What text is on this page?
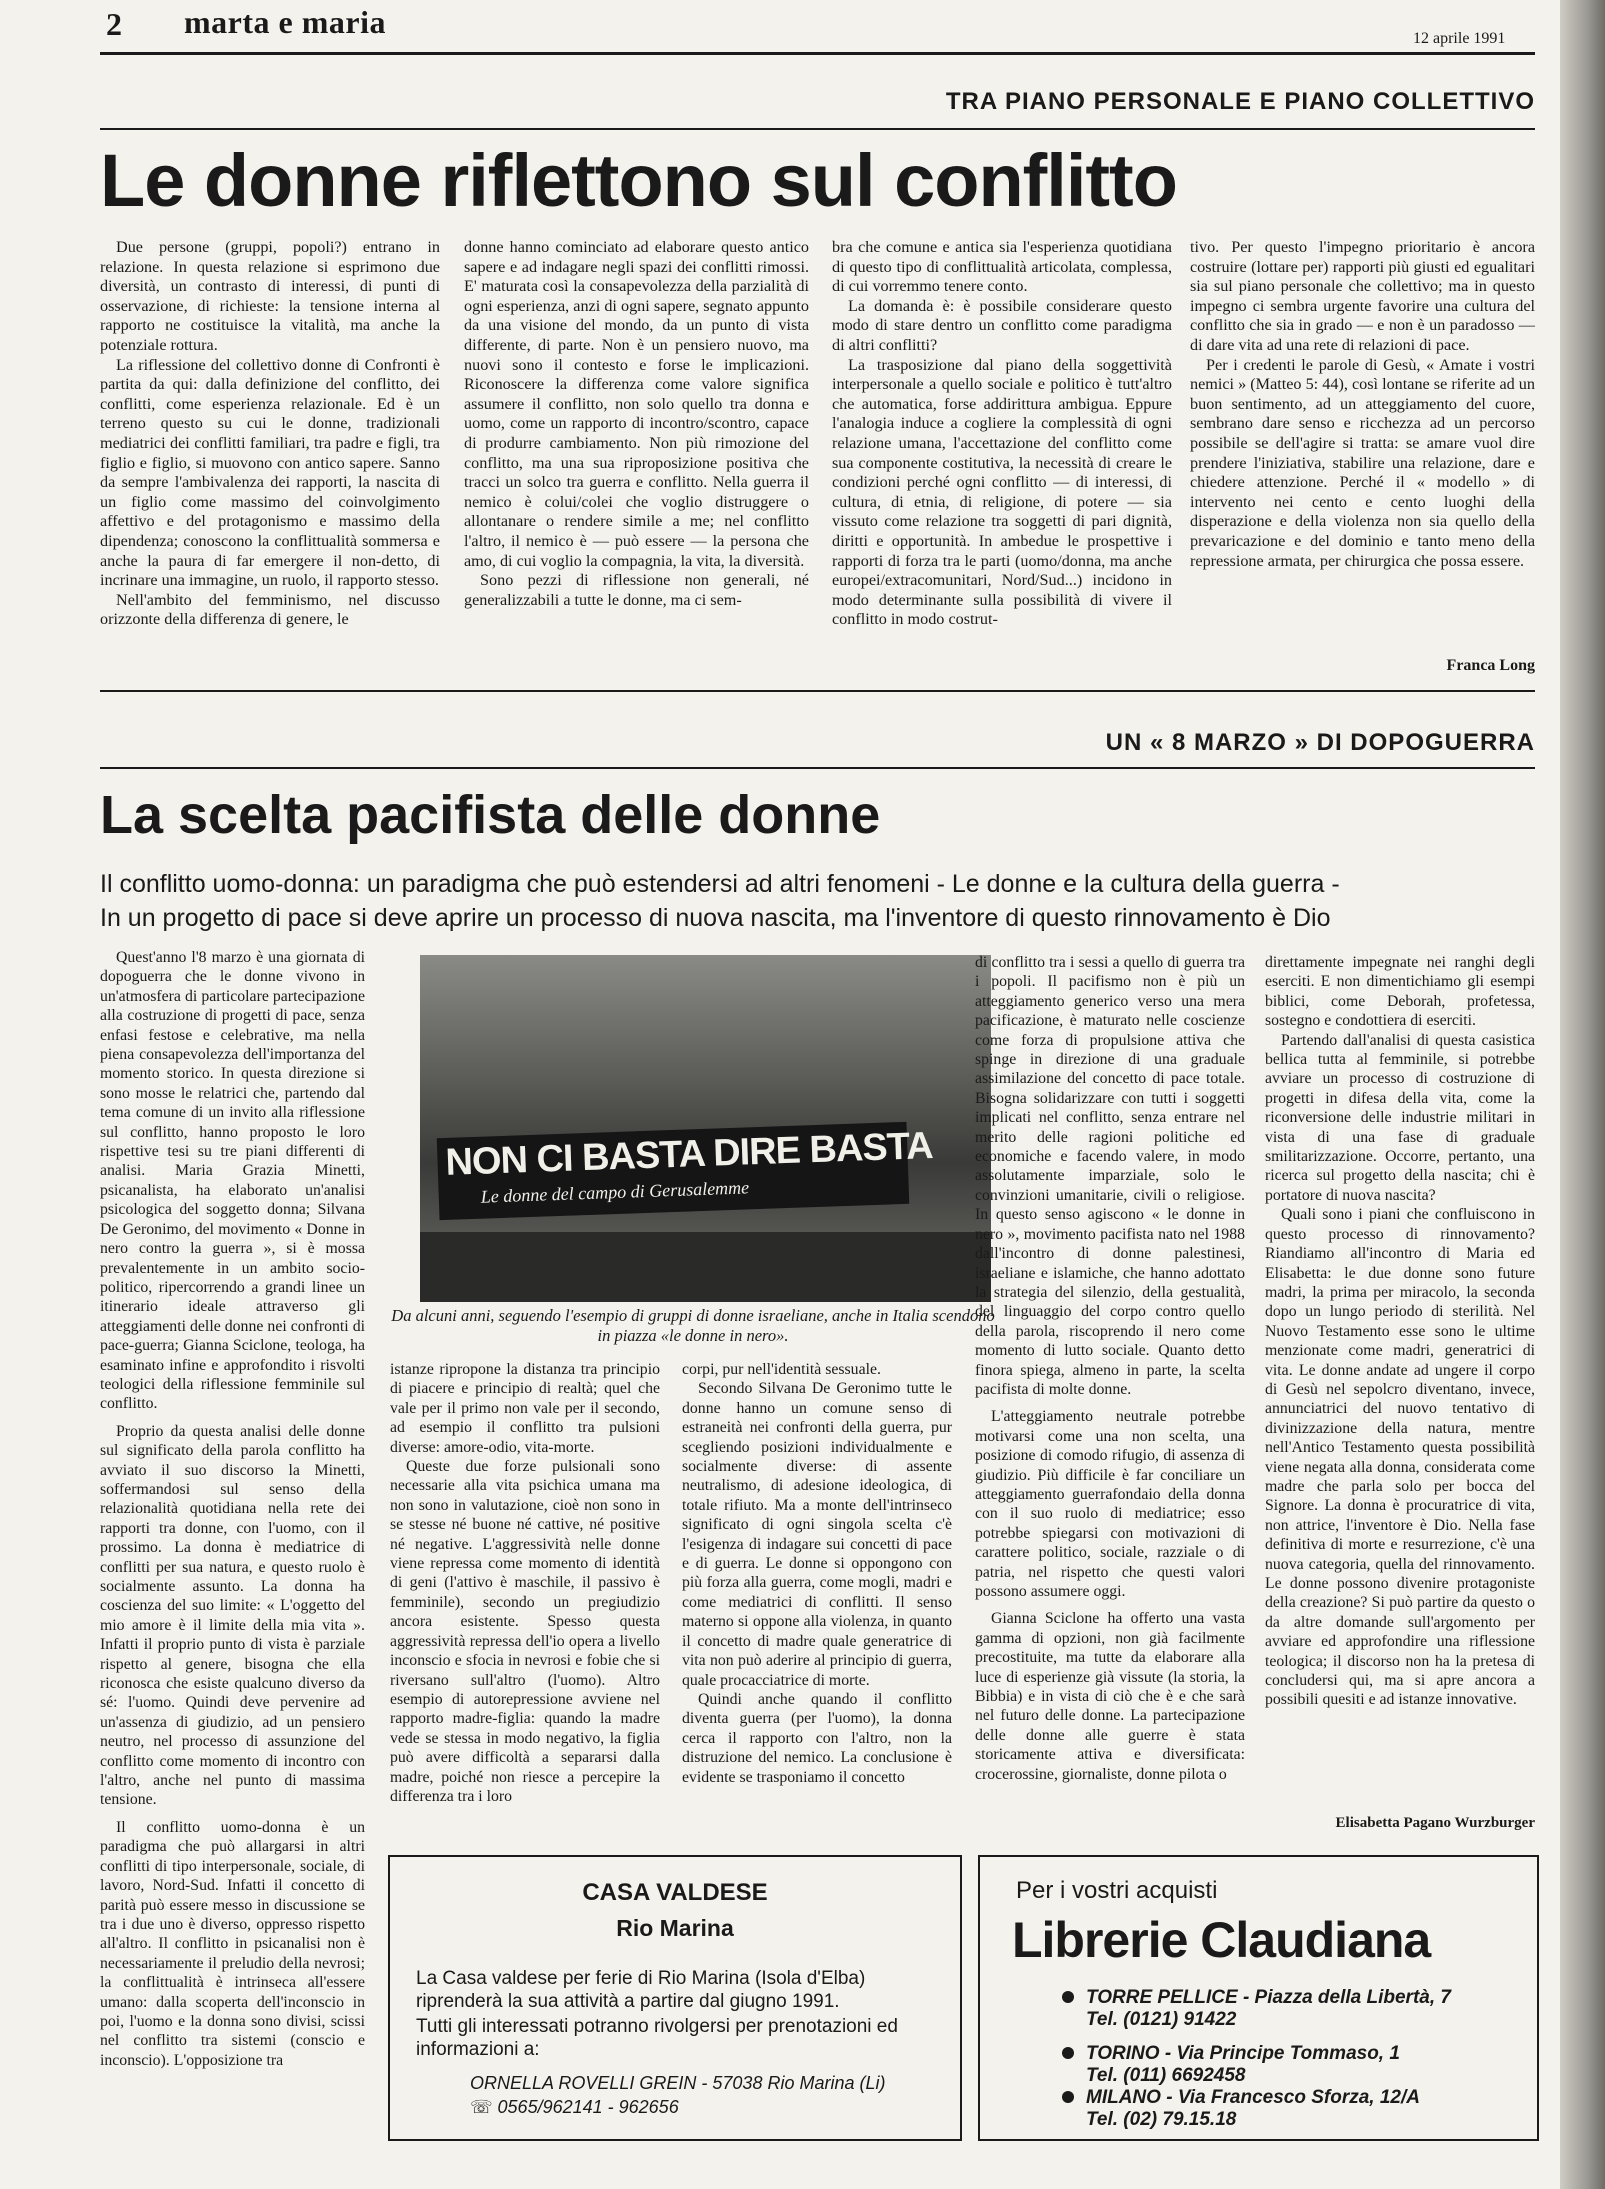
2 marta e maria	12 aprile 1991
TRA PIANO PERSONALE E PIANO COLLETTIVO
Le donne riflettono sul conflitto

Due persone (gruppi, popoli?) entrano in relazione. In questa relazione si esprimono due diversità, un contrasto di interessi, di punti di osservazione, di richieste: la tensione interna al rapporto ne costituisce la vitalità, ma anche la potenziale rottura.

La riflessione del collettivo donne di Confronti è partita da qui: dalla definizione del conflitto, dei conflitti, come esperienza relazionale. Ed è un terreno questo su cui le donne, tradizionali mediatrici dei conflitti familiari, tra padre e figli, tra figlio e figlio, si muovono con antico sapere. Sanno da sempre l'ambivalenza dei rapporti, la nascita di un figlio come massimo del coinvolgimento affettivo e del protagonismo e massimo della dipendenza; conoscono la conflittualità sommersa e anche la paura di far emergere il non-detto, di incrinare una immagine, un ruolo, il rapporto stesso.

Nell'ambito del femminismo, nel discusso orizzonte della differenza di genere, le

donne hanno cominciato ad elaborare questo antico sapere e ad indagare negli spazi dei conflitti rimossi. E' maturata così la consapevolezza della parzialità di ogni esperienza, anzi di ogni sapere, segnato appunto da una visione del mondo, da un punto di vista differente, di parte. Non è un pensiero nuovo, ma nuovi sono il contesto e forse le implicazioni. Riconoscere la differenza come valore significa assumere il conflitto, non solo quello tra donna e uomo, come un rapporto di incontro/scontro, capace di produrre cambiamento. Non più rimozione del conflitto, ma una sua riproposizione positiva che tracci un solco tra guerra e conflitto. Nella guerra il nemico è colui/colei che voglio distruggere o allontanare o rendere simile a me; nel conflitto l'altro, il nemico è — può essere — la persona che amo, di cui voglio la compagnia, la vita, la diversità.

Sono pezzi di riflessione non generali, né generalizzabili a tutte le donne, ma ci sem-

bra che comune e antica sia l'esperienza quotidiana di questo tipo di conflittualità articolata, complessa, di cui vorremmo tenere conto.

La domanda è: è possibile considerare questo modo di stare dentro un conflitto come paradigma di altri conflitti?

La trasposizione dal piano della soggettività interpersonale a quello sociale e politico è tutt'altro che automatica, forse addirittura ambigua. Eppure l'analogia induce a cogliere la complessità di ogni relazione umana, l'accettazione del conflitto come sua componente costitutiva, la necessità di creare le condizioni perché ogni conflitto — di interessi, di cultura, di etnia, di religione, di potere — sia vissuto come relazione tra soggetti di pari dignità, diritti e opportunità. In ambedue le prospettive i rapporti di forza tra le parti (uomo/donna, ma anche europei/extracomunitari, Nord/Sud...) incidono in modo determinante sulla possibilità di vivere il conflitto in modo costrut-

tivo. Per questo l'impegno prioritario è ancora costruire (lottare per) rapporti più giusti ed egualitari sia sul piano personale che collettivo; ma in questo impegno ci sembra urgente favorire una cultura del conflitto che sia in grado — e non è un paradosso — di dare vita ad una rete di relazioni di pace.

Per i credenti le parole di Gesù, « Amate i vostri nemici » (Matteo 5: 44), così lontane se riferite ad un buon sentimento, ad un atteggiamento del cuore, sembrano dare senso e ricchezza ad un percorso possibile se dell'agire si tratta: se amare vuol dire prendere l'iniziativa, stabilire una relazione, dare e chiedere attenzione. Perché il « modello » di intervento nei cento e cento luoghi della disperazione e della violenza non sia quello della prevaricazione e del dominio e tanto meno della repressione armata, per chirurgica che possa essere.

Franca Long
UN « 8 MARZO » DI DOPOGUERRA
La scelta pacifista delle donne
Il conflitto uomo-donna: un paradigma che può estendersi ad altri fenomeni - Le donne e la cultura della guerra -
In un progetto di pace si deve aprire un processo di nuova nascita, ma l'inventore di questo rinnovamento è Dio
NON CI BASTA DIRE BASTA
Le donne del campo di Gerusalemme
Da alcuni anni, seguendo l'esempio di gruppi di donne israeliane, anche in Italia scendono in piazza «le donne in nero».

Quest'anno l'8 marzo è una giornata di dopoguerra che le donne vivono in un'atmosfera di particolare partecipazione alla costruzione di progetti di pace, senza enfasi festose e celebrative, ma nella piena consapevolezza dell'importanza del momento storico. In questa direzione si sono mosse le relatrici che, partendo dal tema comune di un invito alla riflessione sul conflitto, hanno proposto le loro rispettive tesi su tre piani differenti di analisi. Maria Grazia Minetti, psicanalista, ha elaborato un'analisi psicologica del soggetto donna; Silvana De Geronimo, del movimento « Donne in nero contro la guerra », si è mossa prevalentemente in un ambito socio-politico, ripercorrendo a grandi linee un itinerario ideale attraverso gli atteggiamenti delle donne nei confronti di pace-guerra; Gianna Sciclone, teologa, ha esaminato infine e approfondito i risvolti teologici della riflessione femminile sul conflitto.

Proprio da questa analisi delle donne sul significato della parola conflitto ha avviato il suo discorso la Minetti, soffermandosi sul senso della relazionalità quotidiana nella rete dei rapporti tra donne, con l'uomo, con il prossimo. La donna è mediatrice di conflitti per sua natura, e questo ruolo è socialmente assunto. La donna ha coscienza del suo limite: « L'oggetto del mio amore è il limite della mia vita ». Infatti il proprio punto di vista è parziale rispetto al genere, bisogna che ella riconosca che esiste qualcuno diverso da sé: l'uomo. Quindi deve pervenire ad un'assenza di giudizio, ad un pensiero neutro, nel processo di assunzione del conflitto come momento di incontro con l'altro, anche nel punto di massima tensione.

Il conflitto uomo-donna è un paradigma che può allargarsi in altri conflitti di tipo interpersonale, sociale, di lavoro, Nord-Sud. Infatti il concetto di parità può essere messo in discussione se tra i due uno è diverso, oppresso rispetto all'altro. Il conflitto in psicanalisi non è necessariamente il preludio della nevrosi; la conflittualità è intrinseca all'essere umano: dalla scoperta dell'inconscio in poi, l'uomo e la donna sono divisi, scissi nel conflitto tra sistemi (conscio e inconscio). L'opposizione tra

istanze ripropone la distanza tra principio di piacere e principio di realtà; quel che vale per il primo non vale per il secondo, ad esempio il conflitto tra pulsioni diverse: amore-odio, vita-morte.

Queste due forze pulsionali sono necessarie alla vita psichica umana ma non sono in valutazione, cioè non sono in se stesse né buone né cattive, né positive né negative. L'aggressività nelle donne viene repressa come momento di identità di geni (l'attivo è maschile, il passivo è femminile), secondo un pregiudizio ancora esistente. Spesso questa aggressività repressa dell'io opera a livello inconscio e sfocia in nevrosi e fobie che si riversano sull'altro (l'uomo). Altro esempio di autorepressione avviene nel rapporto madre-figlia: quando la madre vede se stessa in modo negativo, la figlia può avere difficoltà a separarsi dalla madre, poiché non riesce a percepire la differenza tra i loro

corpi, pur nell'identità sessuale.

Secondo Silvana De Geronimo tutte le donne hanno un comune senso di estraneità nei confronti della guerra, pur scegliendo posizioni individualmente e socialmente diverse: di assente neutralismo, di adesione ideologica, di totale rifiuto. Ma a monte dell'intrinseco significato di ogni singola scelta c'è l'esigenza di indagare sui concetti di pace e di guerra. Le donne si oppongono con più forza alla guerra, come mogli, madri e come mediatrici di conflitti. Il senso materno si oppone alla violenza, in quanto il concetto di madre quale generatrice di vita non può aderire al principio di guerra, quale procacciatrice di morte.

Quindi anche quando il conflitto diventa guerra (per l'uomo), la donna cerca il rapporto con l'altro, non la distruzione del nemico. La conclusione è evidente se trasponiamo il concetto

di conflitto tra i sessi a quello di guerra tra i popoli. Il pacifismo non è più un atteggiamento generico verso una mera pacificazione, è maturato nelle coscienze come forza di propulsione attiva che spinge in direzione di una graduale assimilazione del concetto di pace totale. Bisogna solidarizzare con tutti i soggetti implicati nel conflitto, senza entrare nel merito delle ragioni politiche ed economiche e facendo valere, in modo assolutamente imparziale, solo le convinzioni umanitarie, civili o religiose. In questo senso agiscono « le donne in nero », movimento pacifista nato nel 1988 dall'incontro di donne palestinesi, israeliane e islamiche, che hanno adottato la strategia del silenzio, della gestualità, del linguaggio del corpo contro quello della parola, riscoprendo il nero come momento di lutto sociale. Quanto detto finora spiega, almeno in parte, la scelta pacifista di molte donne.

L'atteggiamento neutrale potrebbe motivarsi come una non scelta, una posizione di comodo rifugio, di assenza di giudizio. Più difficile è far conciliare un atteggiamento guerrafondaio della donna con il suo ruolo di mediatrice; esso potrebbe spiegarsi con motivazioni di carattere politico, sociale, razziale o di patria, nel rispetto che questi valori possono assumere oggi.

Gianna Sciclone ha offerto una vasta gamma di opzioni, non già facilmente precostituite, ma tutte da elaborare alla luce di esperienze già vissute (la storia, la Bibbia) e in vista di ciò che è e che sarà nel futuro delle donne. La partecipazione delle donne alle guerre è stata storicamente attiva e diversificata: crocerossine, giornaliste, donne pilota o

direttamente impegnate nei ranghi degli eserciti. E non dimentichiamo gli esempi biblici, come Deborah, profetessa, sostegno e condottiera di eserciti.

Partendo dall'analisi di questa casistica bellica tutta al femminile, si potrebbe avviare un processo di costruzione di progetti in difesa della vita, come la riconversione delle industrie militari in vista di una fase di graduale smilitarizzazione. Occorre, pertanto, una ricerca sul progetto della nascita; chi è portatore di nuova nascita?

Quali sono i piani che confluiscono in questo processo di rinnovamento? Riandiamo all'incontro di Maria ed Elisabetta: le due donne sono future madri, la prima per miracolo, la seconda dopo un lungo periodo di sterilità. Nel Nuovo Testamento esse sono le ultime menzionate come madri, generatrici di vita. Le donne andate ad ungere il corpo di Gesù nel sepolcro diventano, invece, annunciatrici del nuovo tentativo di divinizzazione della natura, mentre nell'Antico Testamento questa possibilità viene negata alla donna, considerata come madre che parla solo per bocca del Signore. La donna è procuratrice di vita, non attrice, l'inventore è Dio. Nella fase definitiva di morte e resurrezione, c'è una nuova categoria, quella del rinnovamento. Le donne possono divenire protagoniste della creazione? Si può partire da questo o da altre domande sull'argomento per avviare ed approfondire una riflessione teologica; il discorso non ha la pretesa di concludersi qui, ma si apre ancora a possibili quesiti e ad istanze innovative.

Elisabetta Pagano Wurzburger
CASA VALDESE
Rio Marina
La Casa valdese per ferie di Rio Marina (Isola d'Elba) riprenderà la sua attività a partire dal giugno 1991.
Tutti gli interessati potranno rivolgersi per prenotazioni ed informazioni a:
ORNELLA ROVELLI GREIN - 57038 Rio Marina (Li)
☏ 0565/962141 - 962656
Per i vostri acquisti
Librerie Claudiana
TORRE PELLICE - Piazza della Libertà, 7
Tel. (0121) 91422
TORINO - Via Principe Tommaso, 1
Tel. (011) 6692458
MILANO - Via Francesco Sforza, 12/A
Tel. (02) 79.15.18
